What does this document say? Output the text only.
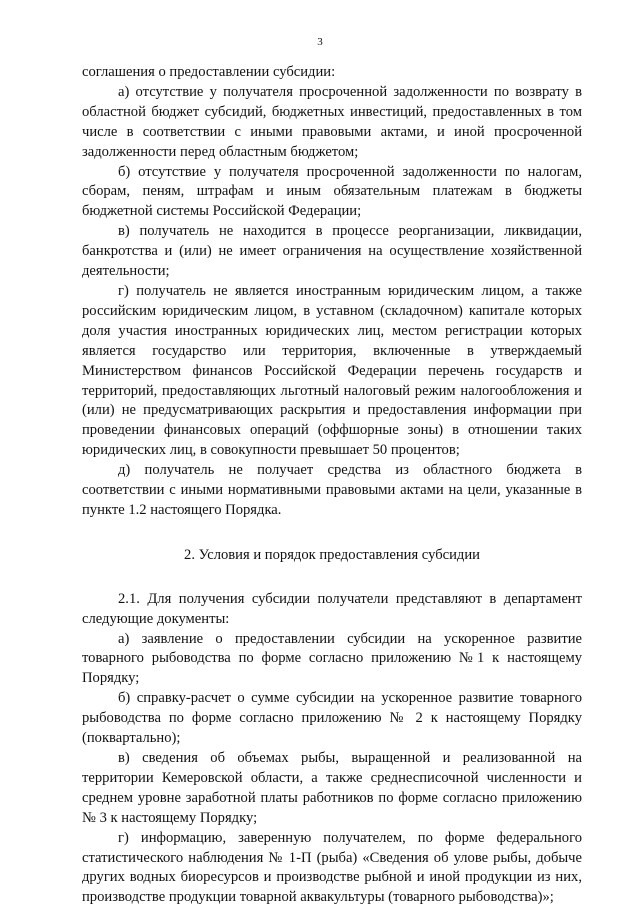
3

соглашения о предоставлении субсидии:

а) отсутствие у получателя просроченной задолженности по возврату в областной бюджет субсидий, бюджетных инвестиций, предоставленных в том числе в соответствии с иными правовыми актами, и иной просроченной задолженности перед областным бюджетом;

б) отсутствие у получателя просроченной задолженности по налогам, сборам, пеням, штрафам и иным обязательным платежам в бюджеты бюджетной системы Российской Федерации;

в) получатель не находится в процессе реорганизации, ликвидации, банкротства и (или) не имеет ограничения на осуществление хозяйственной деятельности;

г) получатель не является иностранным юридическим лицом, а также российским юридическим лицом, в уставном (складочном) капитале которых доля участия иностранных юридических лиц, местом регистрации которых является государство или территория, включенные в утверждаемый Министерством финансов Российской Федерации перечень государств и территорий, предоставляющих льготный налоговый режим налогообложения и (или) не предусматривающих раскрытия и предоставления информации при проведении финансовых операций (оффшорные зоны) в отношении таких юридических лиц, в совокупности превышает 50 процентов;

д) получатель не получает средства из областного бюджета в соответствии с иными нормативными правовыми актами на цели, указанные в пункте 1.2 настоящего Порядка.

2. Условия и порядок предоставления субсидии

2.1. Для получения субсидии получатели представляют в департамент следующие документы:

а) заявление о предоставлении субсидии на ускоренное развитие товарного рыбоводства по форме согласно приложению №1 к настоящему Порядку;

б) справку-расчет о сумме субсидии на ускоренное развитие товарного рыбоводства по форме согласно приложению № 2 к настоящему Порядку (поквартально);

в) сведения об объемах рыбы, выращенной и реализованной на территории Кемеровской области, а также среднесписочной численности и среднем уровне заработной платы работников по форме согласно приложению № 3 к настоящему Порядку;

г) информацию, заверенную получателем, по форме федерального статистического наблюдения № 1-П (рыба) «Сведения об улове рыбы, добыче других водных биоресурсов и производстве рыбной и иной продукции из них, производстве продукции товарной аквакультуры (товарного рыбоводства)»;
